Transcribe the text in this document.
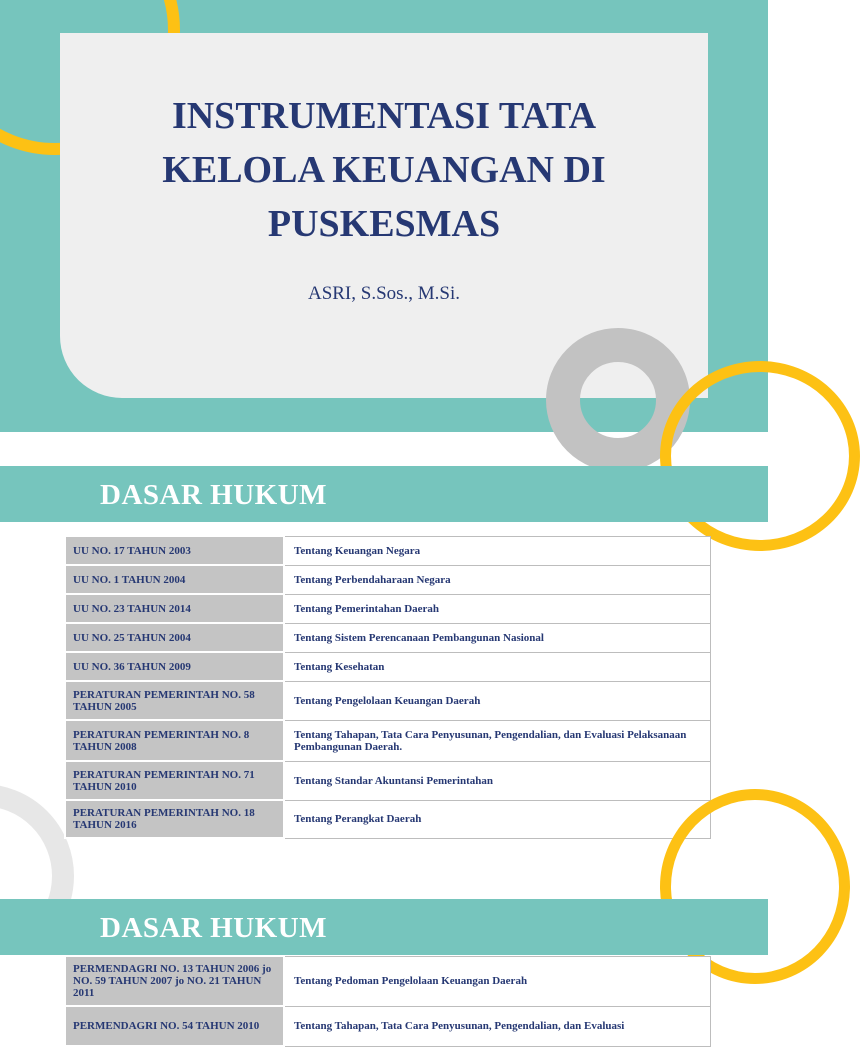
INSTRUMENTASI TATA
KELOLA KEUANGAN DI
PUSKESMAS
ASRI, S.Sos., M.Si.
DASAR HUKUM
UU NO. 17 TAHUN 2003	Tentang Keuangan Negara
UU NO. 1 TAHUN 2004	Tentang Perbendaharaan Negara
UU NO. 23 TAHUN 2014	Tentang Pemerintahan Daerah
UU NO. 25 TAHUN 2004	Tentang Sistem Perencanaan Pembangunan Nasional
UU NO. 36 TAHUN 2009	Tentang Kesehatan
PERATURAN PEMERINTAH NO. 58 TAHUN 2005	Tentang Pengelolaan Keuangan Daerah
PERATURAN PEMERINTAH NO. 8 TAHUN 2008	Tentang Tahapan, Tata Cara Penyusunan, Pengendalian, dan Evaluasi Pelaksanaan Pembangunan Daerah.
PERATURAN PEMERINTAH NO. 71 TAHUN 2010	Tentang Standar Akuntansi Pemerintahan
PERATURAN PEMERINTAH NO. 18 TAHUN 2016	Tentang Perangkat Daerah
DASAR HUKUM
PERMENDAGRI NO. 13 TAHUN 2006 jo NO. 59 TAHUN 2007 jo NO. 21 TAHUN 2011	Tentang Pedoman Pengelolaan Keuangan Daerah
PERMENDAGRI NO. 54 TAHUN 2010	Tentang Tahapan, Tata Cara Penyusunan, Pengendalian, dan Evaluasi
